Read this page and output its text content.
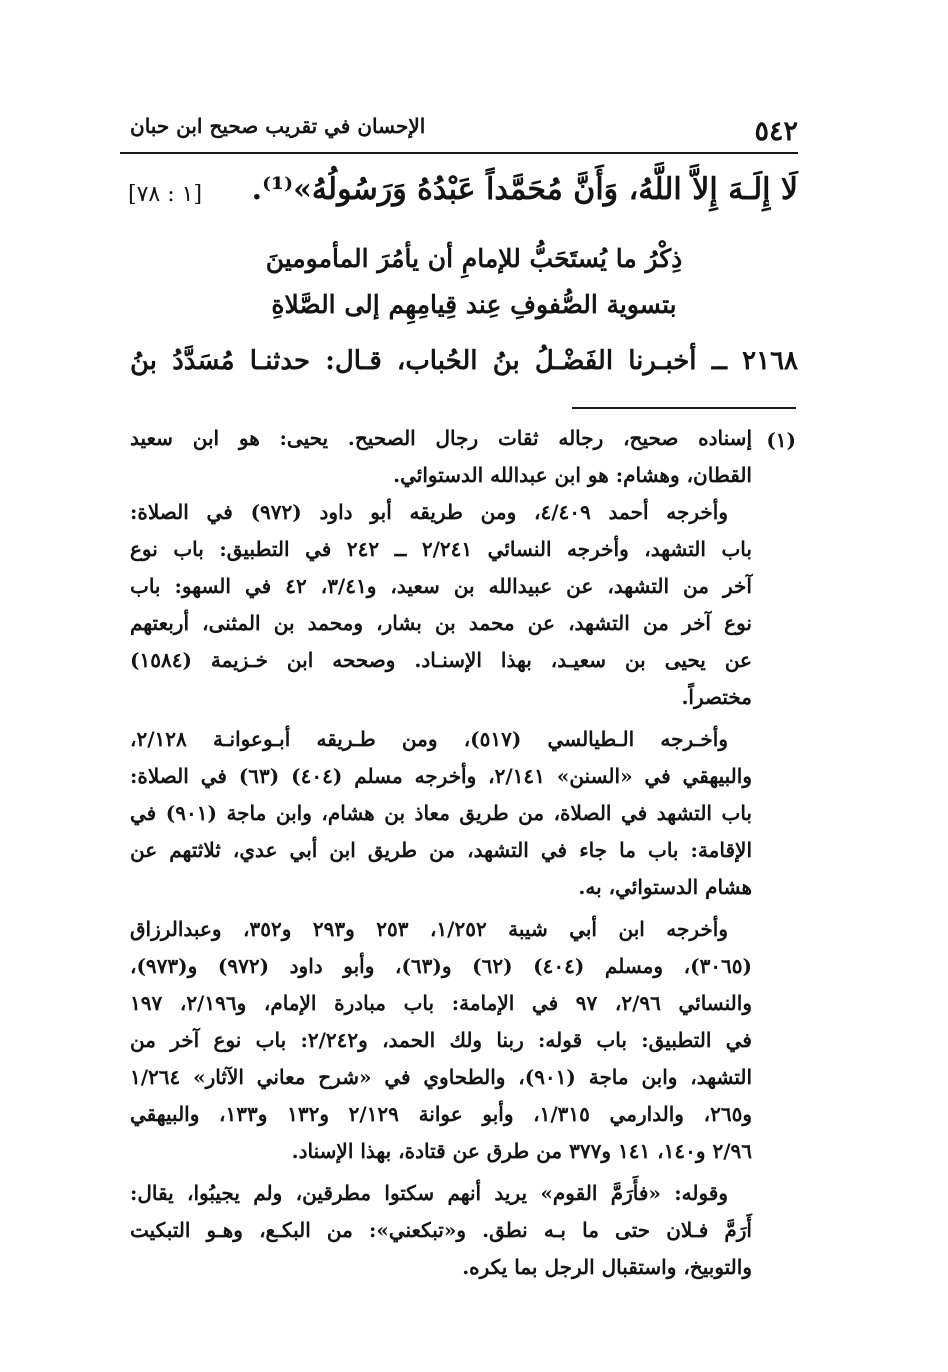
٥٤٢
الإحسان في تقريب صحيح ابن حبان
لَا إِلَـهَ إِلاَّ اللَّهُ، وَأَنَّ مُحَمَّداً عَبْدُهُ وَرَسُولُهُ»⁽¹⁾.
[١ : ٧٨]
ذِكْرُ ما يُستَحَبُّ للإمامِ أن يأمُرَ المأمومينَ
بتسوية الصُّفوفِ عِند قِيامِهِم إلى الصَّلاةِ
٢١٦٨ ــ أخبـرنا الفَضْـلُ بنُ الحُباب، قـال: حدثنـا مُسَدَّدُ بنُ
(١)
إسناده صحيح، رجاله ثقات رجال الصحيح. يحيى: هو ابن سعيد
القطان، وهشام: هو ابن عبدالله الدستوائي.
وأخرجه أحمد ٤/٤٠٩، ومن طريقه أبو داود (٩٧٢) في الصلاة:
باب التشهد، وأخرجه النسائي ٢/٢٤١ ــ ٢٤٢ في التطبيق: باب نوع
آخر من التشهد، عن عبيدالله بن سعيد، و٣/٤١، ٤٢ في السهو: باب
نوع آخر من التشهد، عن محمد بن بشار، ومحمد بن المثنى، أربعتهم
عن يحيى بن سعيـد، بهذا الإسنـاد. وصححه ابن خـزيمة (١٥٨٤)
مختصراً.
وأخـرجه الـطيالسي (٥١٧)، ومن طـريقه أبـوعوانـة ٢/١٢٨،
والبيهقي في «السنن» ٢/١٤١، وأخرجه مسلم (٤٠٤) (٦٣) في الصلاة:
باب التشهد في الصلاة، من طريق معاذ بن هشام، وابن ماجة (٩٠١) في
الإقامة: باب ما جاء في التشهد، من طريق ابن أبي عدي، ثلاثتهم عن
هشام الدستوائي، به.
وأخرجه ابن أبي شيبة ١/٢٥٢، ٢٥٣ و٢٩٣ و٣٥٢، وعبدالرزاق
(٣٠٦٥)، ومسلم (٤٠٤) (٦٢) و(٦٣)، وأبو داود (٩٧٢) و(٩٧٣)،
والنسائي ٢/٩٦، ٩٧ في الإمامة: باب مبادرة الإمام، و٢/١٩٦، ١٩٧
في التطبيق: باب قوله: ربنا ولك الحمد، و٢/٢٤٢: باب نوع آخر من
التشهد، وابن ماجة (٩٠١)، والطحاوي في «شرح معاني الآثار» ١/٢٦٤
و٢٦٥، والدارمي ١/٣١٥، وأبو عوانة ٢/١٢٩ و١٣٢ و١٣٣، والبيهقي
٢/٩٦ و١٤٠، ١٤١ و٣٧٧ من طرق عن قتادة، بهذا الإسناد.
وقوله: «فأَرَمَّ القوم» يريد أنهم سكتوا مطرقين، ولم يجيبُوا، يقال:
أَرَمَّ فـلان حتى ما بـه نطق. و«تبكعني»: من البكـع، وهـو التبكيت
والتوبيخ، واستقبال الرجل بما يكره.
